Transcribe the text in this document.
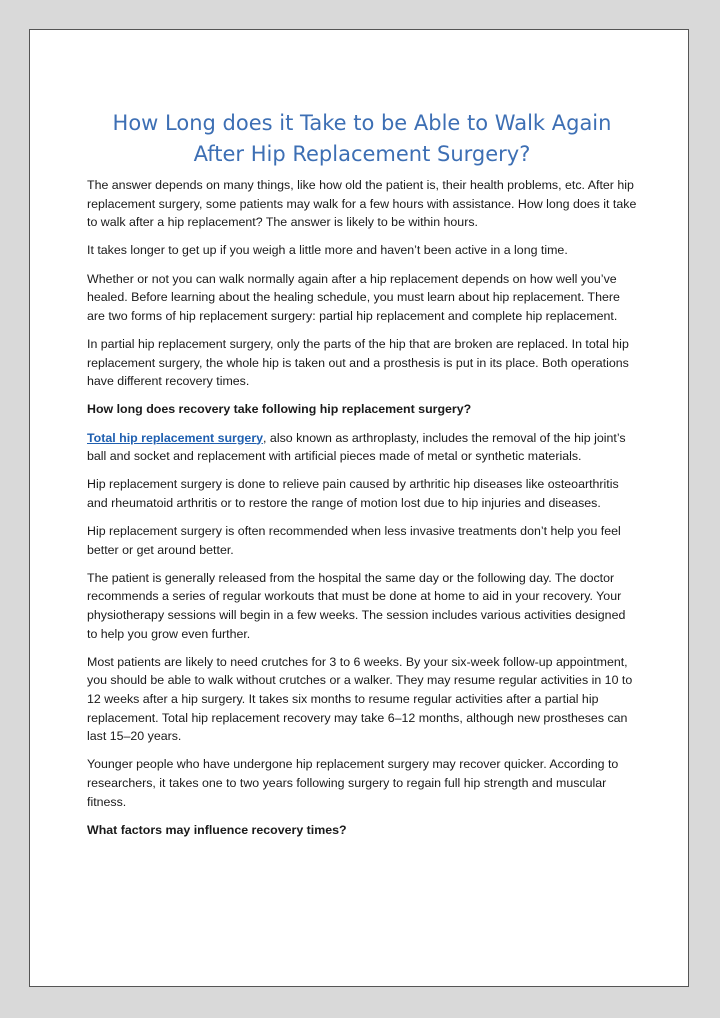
How Long does it Take to be Able to Walk Again After Hip Replacement Surgery?

The answer depends on many things, like how old the patient is, their health problems, etc. After hip replacement surgery, some patients may walk for a few hours with assistance. How long does it take to walk after a hip replacement? The answer is likely to be within hours.

It takes longer to get up if you weigh a little more and haven’t been active in a long time.

Whether or not you can walk normally again after a hip replacement depends on how well you’ve healed. Before learning about the healing schedule, you must learn about hip replacement. There are two forms of hip replacement surgery: partial hip replacement and complete hip replacement.

In partial hip replacement surgery, only the parts of the hip that are broken are replaced. In total hip replacement surgery, the whole hip is taken out and a prosthesis is put in its place. Both operations have different recovery times.

How long does recovery take following hip replacement surgery?

Total hip replacement surgery, also known as arthroplasty, includes the removal of the hip joint’s ball and socket and replacement with artificial pieces made of metal or synthetic materials.

Hip replacement surgery is done to relieve pain caused by arthritic hip diseases like osteoarthritis and rheumatoid arthritis or to restore the range of motion lost due to hip injuries and diseases.

Hip replacement surgery is often recommended when less invasive treatments don’t help you feel better or get around better.

The patient is generally released from the hospital the same day or the following day. The doctor recommends a series of regular workouts that must be done at home to aid in your recovery. Your physiotherapy sessions will begin in a few weeks. The session includes various activities designed to help you grow even further.

Most patients are likely to need crutches for 3 to 6 weeks. By your six-week follow-up appointment, you should be able to walk without crutches or a walker. They may resume regular activities in 10 to 12 weeks after a hip surgery. It takes six months to resume regular activities after a partial hip replacement. Total hip replacement recovery may take 6–12 months, although new prostheses can last 15–20 years.

Younger people who have undergone hip replacement surgery may recover quicker. According to researchers, it takes one to two years following surgery to regain full hip strength and muscular fitness.

What factors may influence recovery times?
